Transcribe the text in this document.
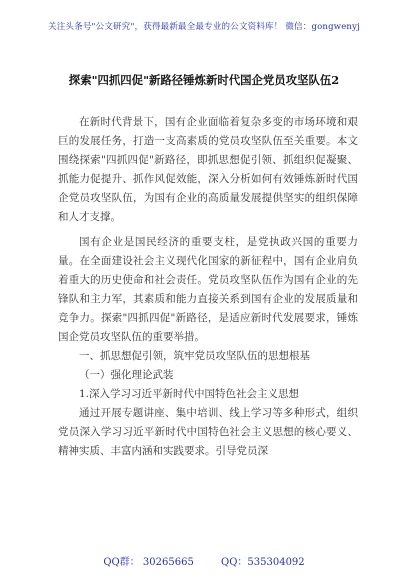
关注头条号"公文研究"，获得最新最全最专业的公文资料库！ 微信：gongwenyj
探索"四抓四促"新路径锤炼新时代国企党员攻坚队伍2

在新时代背景下，国有企业面临着复杂多变的市场环境和艰巨的发展任务，打造一支高素质的党员攻坚队伍至关重要。本文围绕探索"四抓四促"新路径，即抓思想促引领、抓组织促凝聚、抓能力促提升、抓作风促效能，深入分析如何有效锤炼新时代国企党员攻坚队伍，为国有企业的高质量发展提供坚实的组织保障和人才支撑。

国有企业是国民经济的重要支柱，是党执政兴国的重要力量。在全面建设社会主义现代化国家的新征程中，国有企业肩负着重大的历史使命和社会责任。党员攻坚队伍作为国有企业的先锋队和主力军，其素质和能力直接关系到国有企业的发展质量和竞争力。探索"四抓四促"新路径，是适应新时代发展要求，锤炼国企党员攻坚队伍的重要举措。

一、抓思想促引领，筑牢党员攻坚队伍的思想根基

（一）强化理论武装

1.深入学习习近平新时代中国特色社会主义思想

通过开展专题讲座、集中培训、线上学习等多种形式，组织党员深入学习习近平新时代中国特色社会主义思想的核心要义、精神实质、丰富内涵和实践要求。引导党员深

QQ群： 30265665	QQ：535304092
